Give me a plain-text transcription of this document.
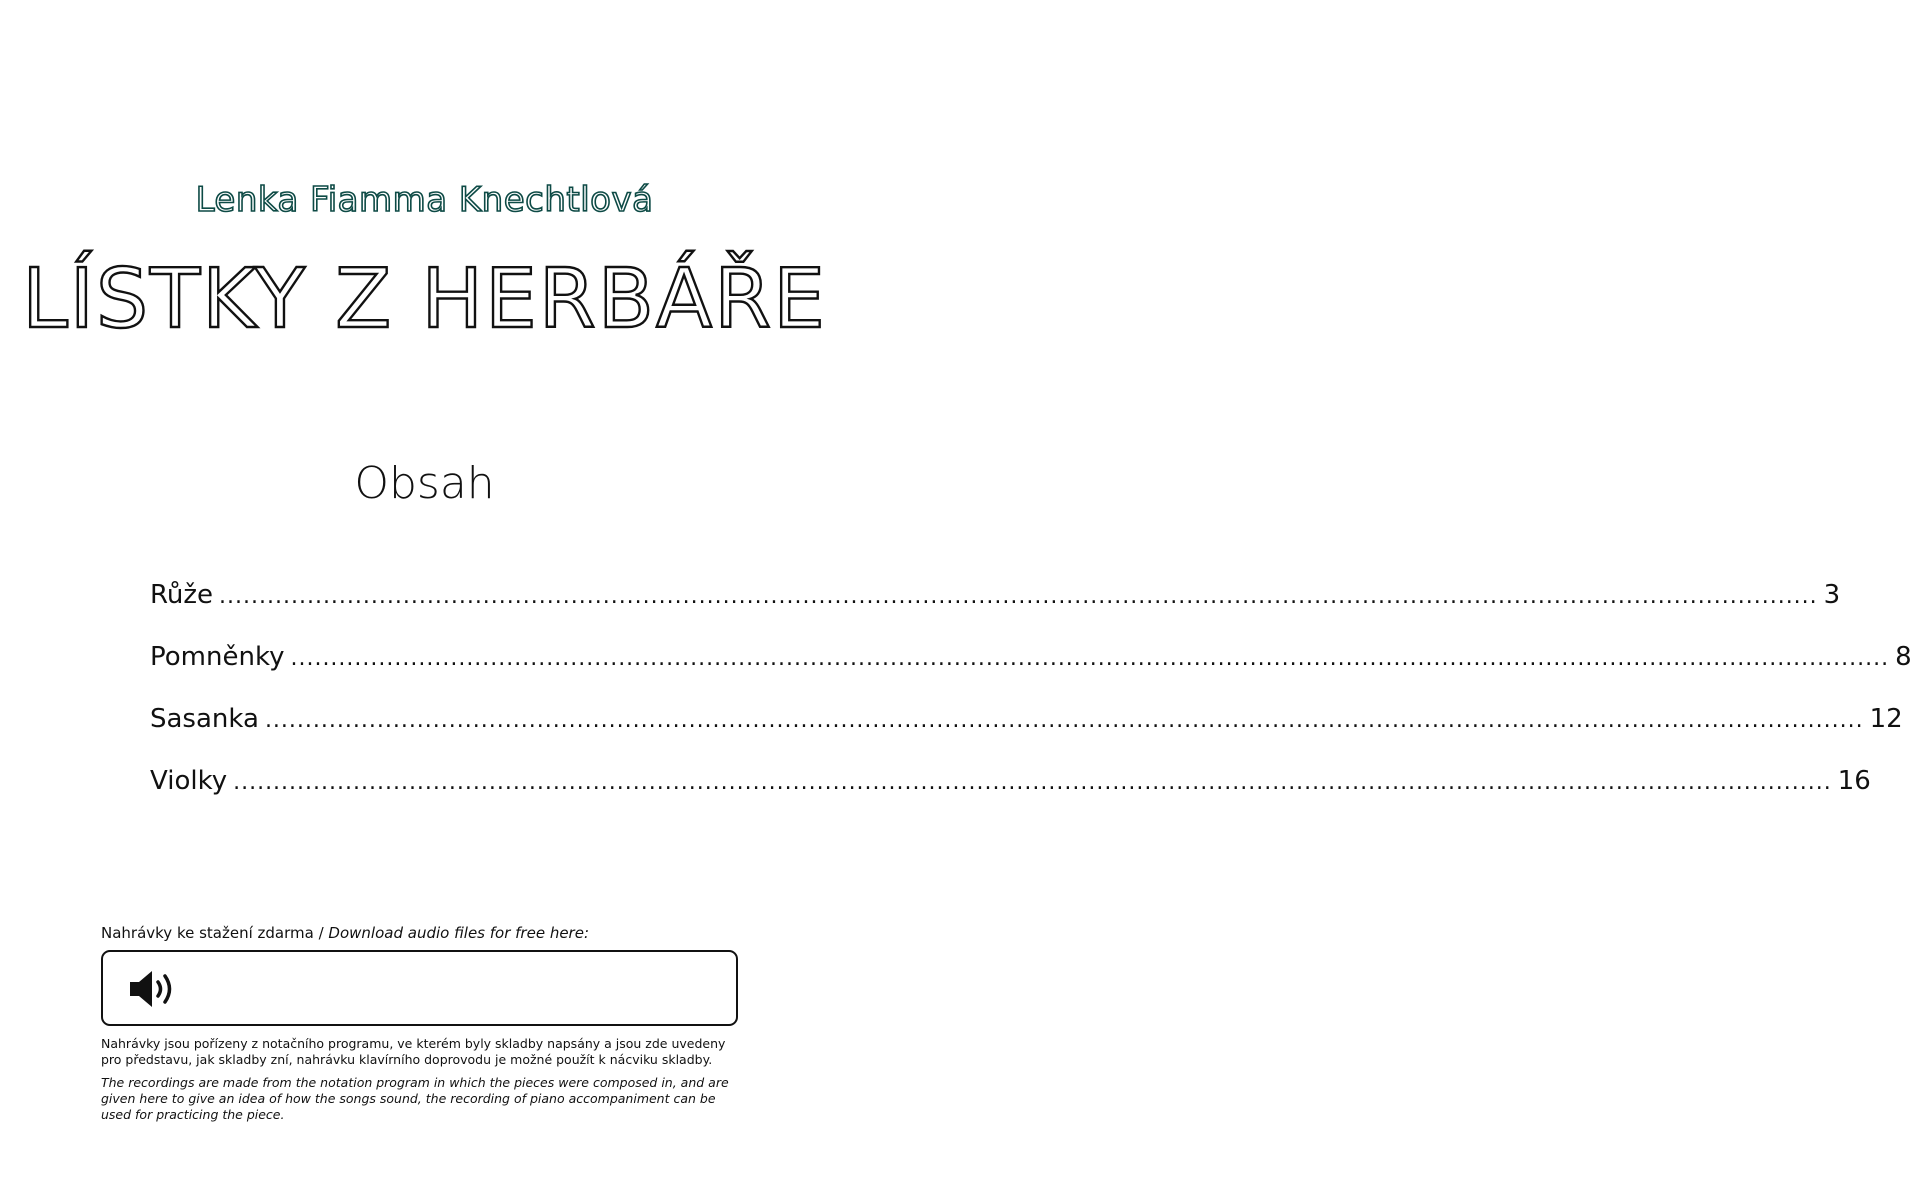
Lenka Fiamma Knechtlová
LÍSTKY Z HERBÁŘE
Obsah
Růže ........................................................................................................................................................................................................ 3
Pomněnky ........................................................................................................................................................................................................ 8
Sasanka ........................................................................................................................................................................................................ 12
Violky ........................................................................................................................................................................................................ 16
Nahrávky ke stažení zdarma / Download audio files for free here:
Nahrávky jsou pořízeny z notačního programu, ve kterém byly skladby napsány a jsou zde uvedeny pro představu, jak skladby zní, nahrávku klavírního doprovodu je možné použít k nácviku skladby.
The recordings are made from the notation program in which the pieces were composed in, and are given here to give an idea of how the songs sound, the recording of piano accompaniment can be used for practicing the piece.
